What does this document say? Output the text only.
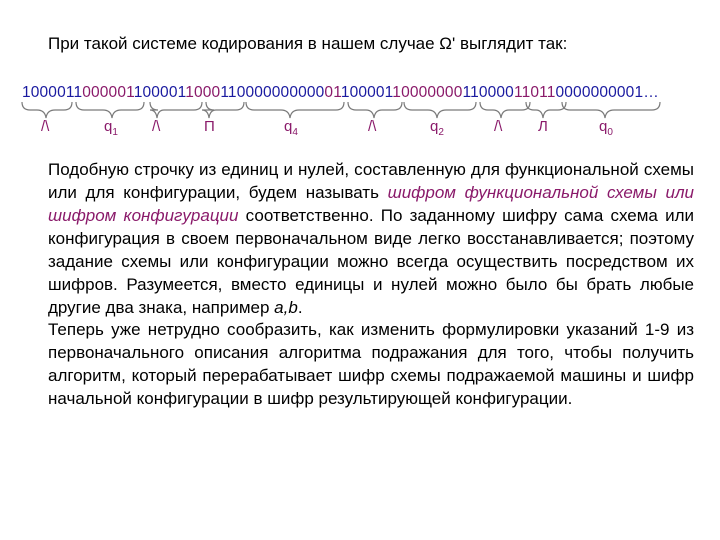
При такой системе кодирования в нашем случае Ω' выглядит так:
100001100000110000110001100000000000110000110000000110000110110000000001…
/\	$q_1$ /\	П	$q_4$	/\	$q_2$	/\ Л	$q_0$

Подобную строчку из единиц и нулей, составленную для функциональной схемы или для конфигурации, будем называть шифром функциональной схемы или шифром конфигурации соответственно. По заданному шифру сама схема или конфигурация в своем первоначальном виде легко восстанавливается; поэтому задание схемы или конфигурации можно всегда осуществить посредством их шифров. Разумеется, вместо единицы и нулей можно было бы брать любые другие два знака, например a,b.

Теперь уже нетрудно сообразить, как изменить формулировки указаний 1-9 из первоначального описания алгоритма подражания для того, чтобы получить алгоритм, который перерабатывает шифр схемы подражаемой машины и шифр начальной конфигурации в шифр результирующей конфигурации.
